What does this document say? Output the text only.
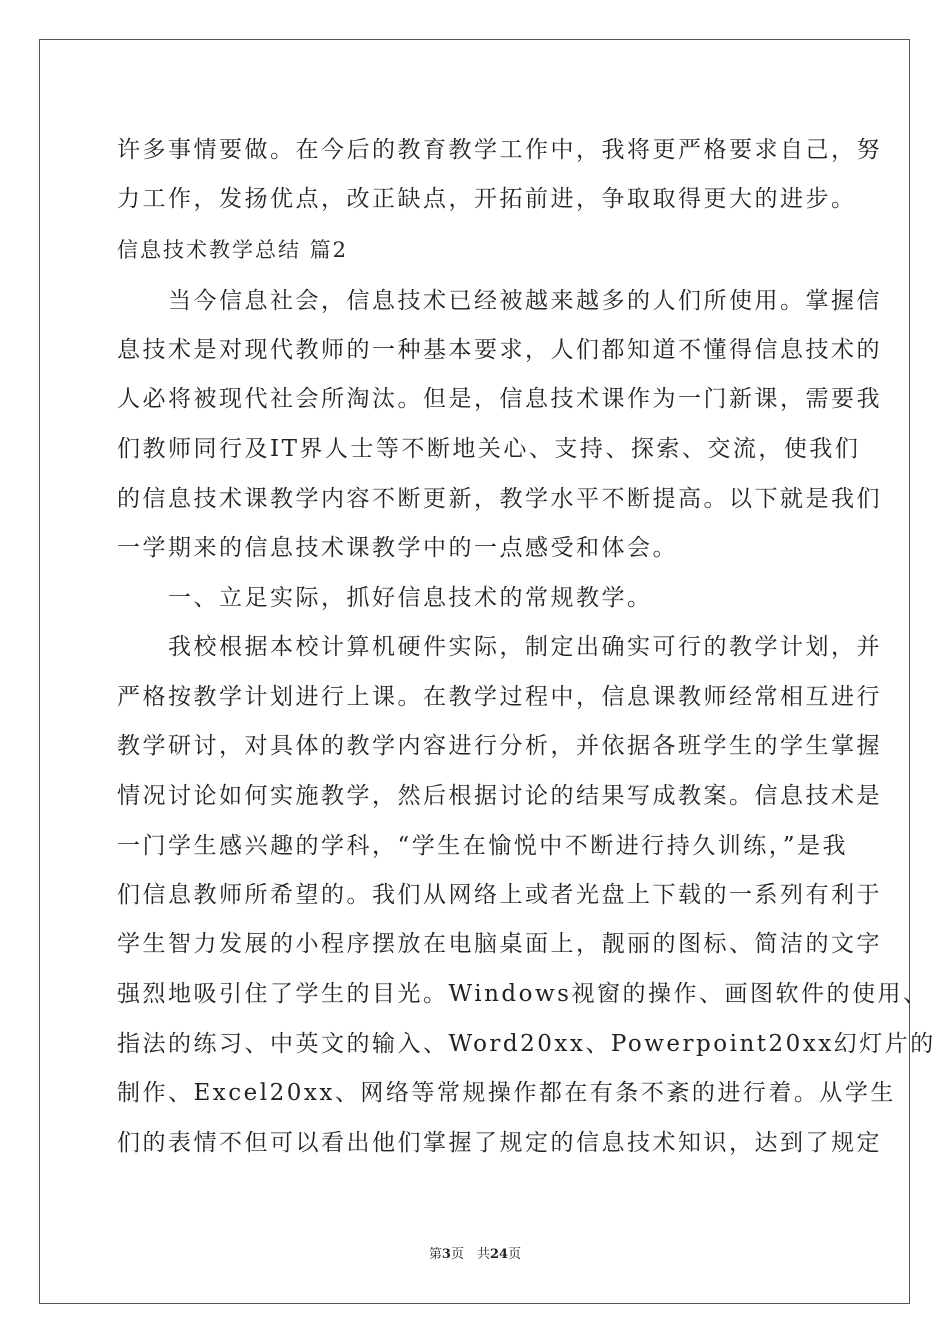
许多事情要做。在今后的教育教学工作中，我将更严格要求自己，努
力工作，发扬优点，改正缺点，开拓前进，争取取得更大的进步。
信息技术教学总结 篇2
　　当今信息社会，信息技术已经被越来越多的人们所使用。掌握信
息技术是对现代教师的一种基本要求，人们都知道不懂得信息技术的
人必将被现代社会所淘汰。但是，信息技术课作为一门新课，需要我
们教师同行及IT界人士等不断地关心、支持、探索、交流，使我们
的信息技术课教学内容不断更新，教学水平不断提高。以下就是我们
一学期来的信息技术课教学中的一点感受和体会。
　　一、立足实际，抓好信息技术的常规教学。
　　我校根据本校计算机硬件实际，制定出确实可行的教学计划，并
严格按教学计划进行上课。在教学过程中，信息课教师经常相互进行
教学研讨，对具体的教学内容进行分析，并依据各班学生的学生掌握
情况讨论如何实施教学，然后根据讨论的结果写成教案。信息技术是
一门学生感兴趣的学科，“学生在愉悦中不断进行持久训练，”是我
们信息教师所希望的。我们从网络上或者光盘上下载的一系列有利于
学生智力发展的小程序摆放在电脑桌面上，靓丽的图标、简洁的文字
强烈地吸引住了学生的目光。Windows视窗的操作、画图软件的使用、
指法的练习、中英文的输入、Word20xx、Powerpoint20xx幻灯片的
制作、Excel20xx、网络等常规操作都在有条不紊的进行着。从学生
们的表情不但可以看出他们掌握了规定的信息技术知识，达到了规定
第3页　共24页
